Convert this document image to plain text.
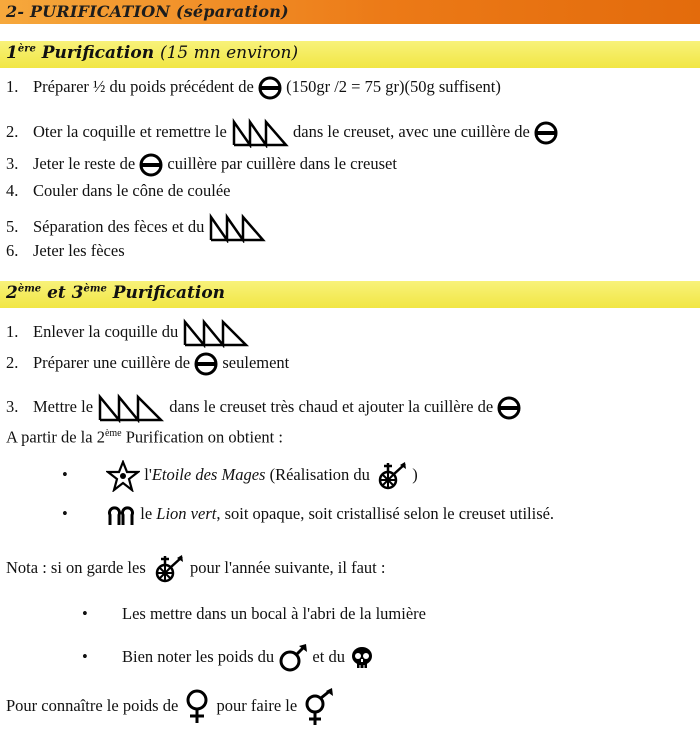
2- PURIFICATION (séparation)
1ère Purification (15 mn environ)
1. Préparer ½ du poids précédent de (150gr /2 = 75 gr)(50g suffisent)
2. Oter la coquille et remettre le	dans le creuset, avec une cuillère de
3. Jeter le reste de cuillère par cuillère dans le creuset
4. Couler dans le cône de coulée
5. Séparation des fèces et du
6. Jeter les fèces
2ème et 3ème Purification
1. Enlever la coquille du
2. Préparer une cuillère de seulement
3. Mettre le	dans le creuset très chaud et ajouter la cuillère de
A partir de la 2ème Purification on obtient :
•	l'Etoile des Mages (Réalisation du	)
•	le Lion vert, soit opaque, soit cristallisé selon le creuset utilisé.
Nota : si on garde les	pour l'année suivante, il faut :
• Les mettre dans un bocal à l'abri de la lumière
• Bien noter les poids du et du
Pour connaître le poids de pour faire le
